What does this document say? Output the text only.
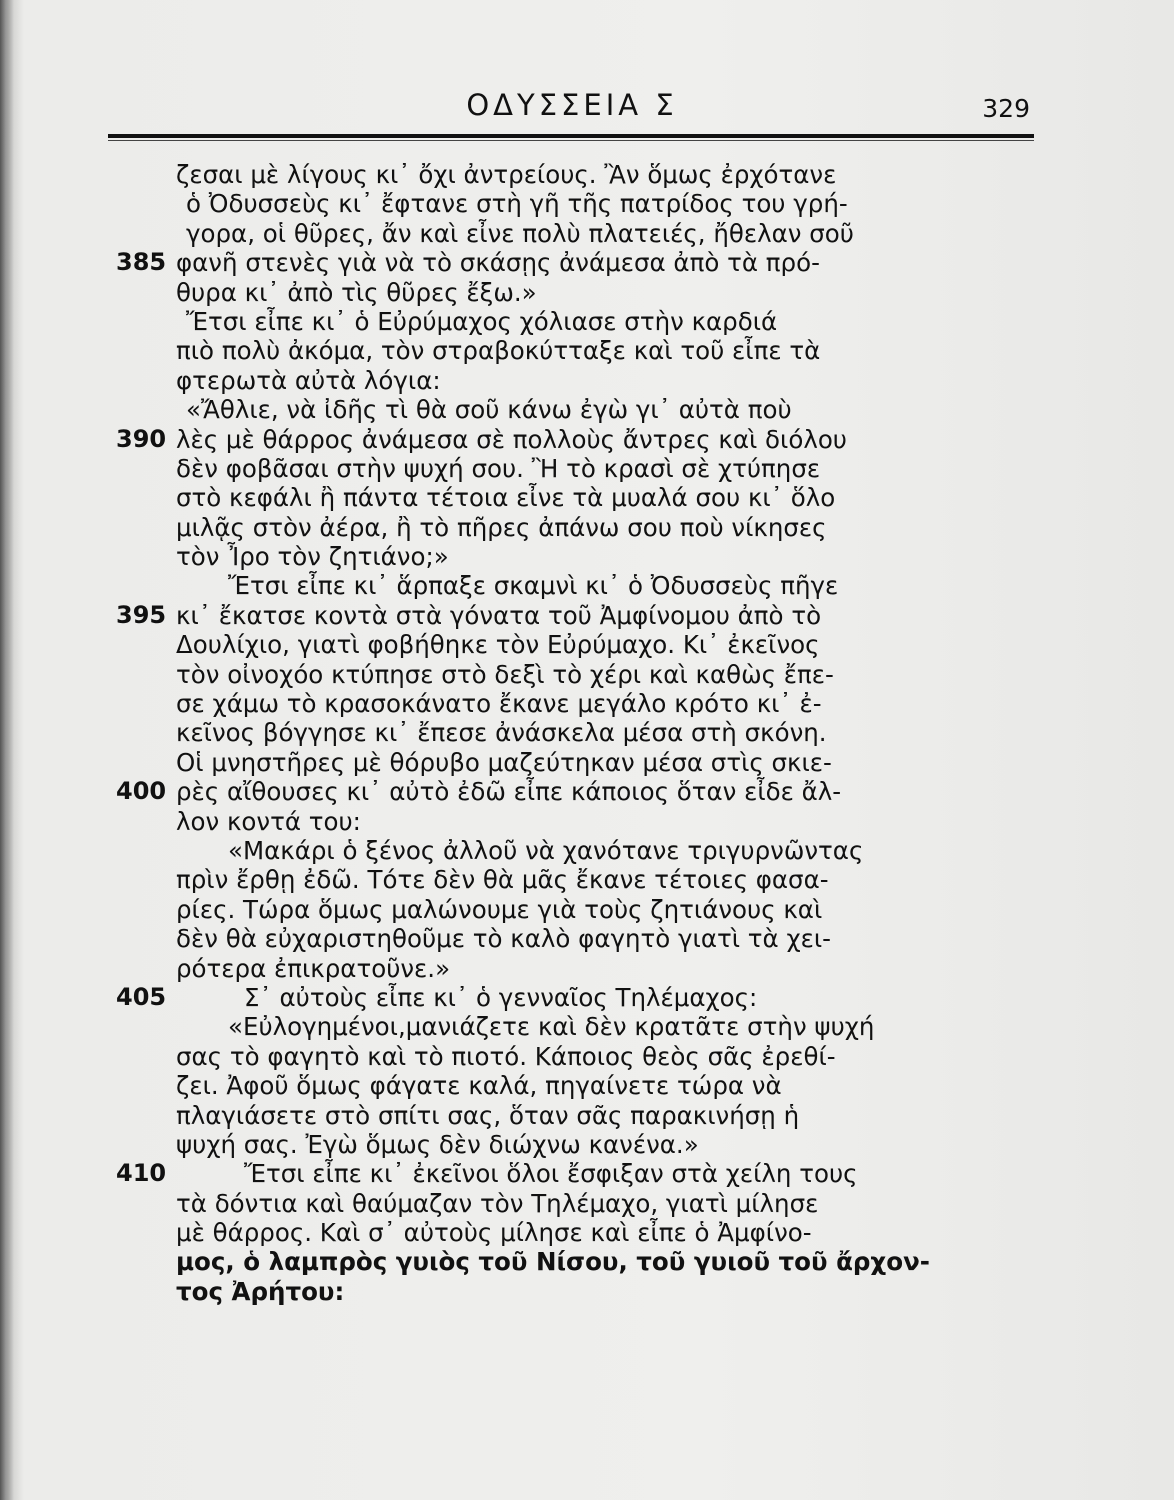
ΟΔΥΣΣΕΙΑ Σ	329
ζεσαι μὲ λίγους κι᾿ ὄχι ἀντρείους. Ἂν ὅμως ἐρχότανε
ὁ Ὀδυσσεὺς κι᾿ ἔφτανε στὴ γῆ τῆς πατρίδος του γρή-
γορα, οἱ θῦρες, ἄν καὶ εἶνε πολὺ πλατειές, ἤθελαν σοῦ
385 φανῆ στενὲς γιὰ νὰ τὸ σκάσῃς ἀνάμεσα ἀπὸ τὰ πρό-
θυρα κι᾿ ἀπὸ τὶς θῦρες ἔξω.»
Ἔτσι εἶπε κι᾿ ὁ Εὐρύμαχος χόλιασε στὴν καρδιά
πιὸ πολὺ ἀκόμα, τὸν στραβοκύτταξε καὶ τοῦ εἶπε τὰ
φτερωτὰ αὐτὰ λόγια:
«Ἄθλιε, νὰ ἰδῆς τὶ θὰ σοῦ κάνω ἐγὼ γι᾿ αὐτὰ ποὺ
390 λὲς μὲ θάρρος ἀνάμεσα σὲ πολλοὺς ἄντρες καὶ διόλου
δὲν φοβᾶσαι στὴν ψυχή σου. Ἢ τὸ κρασὶ σὲ χτύπησε
στὸ κεφάλι ἢ πάντα τέτοια εἶνε τὰ μυαλά σου κι᾿ ὅλο
μιλᾷς στὸν ἀέρα, ἢ τὸ πῆρες ἀπάνω σου ποὺ νίκησες
τὸν Ἶρο τὸν ζητιάνο;»
Ἔτσι εἶπε κι᾿ ἅρπαξε σκαμνὶ κι᾿ ὁ Ὀδυσσεὺς πῆγε
395 κι᾿ ἔκατσε κοντὰ στὰ γόνατα τοῦ Ἀμφίνομου ἀπὸ τὸ
Δουλίχιο, γιατὶ φοβήθηκε τὸν Εὐρύμαχο. Κι᾿ ἐκεῖνος
τὸν οἰνοχόο κτύπησε στὸ δεξὶ τὸ χέρι καὶ καθὼς ἔπε-
σε χάμω τὸ κρασοκάνατο ἔκανε μεγάλο κρότο κι᾿ ἐ-
κεῖνος βόγγησε κι᾿ ἔπεσε ἀνάσκελα μέσα στὴ σκόνη.
Οἱ μνηστῆρες μὲ θόρυβο μαζεύτηκαν μέσα στὶς σκιε-
400 ρὲς αἴθουσες κι᾿ αὐτὸ ἐδῶ εἶπε κάποιος ὅταν εἶδε ἄλ-
λον κοντά του:
«Μακάρι ὁ ξένος ἀλλοῦ νὰ χανότανε τριγυρνῶντας
πρὶν ἔρθῃ ἐδῶ. Τότε δὲν θὰ μᾶς ἔκανε τέτοιες φασα-
ρίες. Τώρα ὅμως μαλώνουμε γιὰ τοὺς ζητιάνους καὶ
δὲν θὰ εὐχαριστηθοῦμε τὸ καλὸ φαγητὸ γιατὶ τὰ χει-
ρότερα ἐπικρατοῦνε.»
405	Σ᾿ αὐτοὺς εἶπε κι᾿ ὁ γενναῖος Τηλέμαχος:
«Εὐλογημένοι,μανιάζετε καὶ δὲν κρατᾶτε στὴν ψυχή
σας τὸ φαγητὸ καὶ τὸ πιοτό. Κάποιος θεὸς σᾶς ἐρεθί-
ζει. Ἀφοῦ ὅμως φάγατε καλά, πηγαίνετε τώρα νὰ
πλαγιάσετε στὸ σπίτι σας, ὅταν σᾶς παρακινήσῃ ἡ
ψυχή σας. Ἐγὼ ὅμως δὲν διώχνω κανένα.»
410	Ἔτσι εἶπε κι᾿ ἐκεῖνοι ὅλοι ἔσφιξαν στὰ χείλη τους
τὰ δόντια καὶ θαύμαζαν τὸν Τηλέμαχο, γιατὶ μίλησε
μὲ θάρρος. Καὶ σ᾿ αὐτοὺς μίλησε καὶ εἶπε ὁ Ἀμφίνο-
μος, ὁ λαμπρὸς γυιὸς τοῦ Νίσου, τοῦ γυιοῦ τοῦ ἄρχον-
τος Ἀρήτου:
